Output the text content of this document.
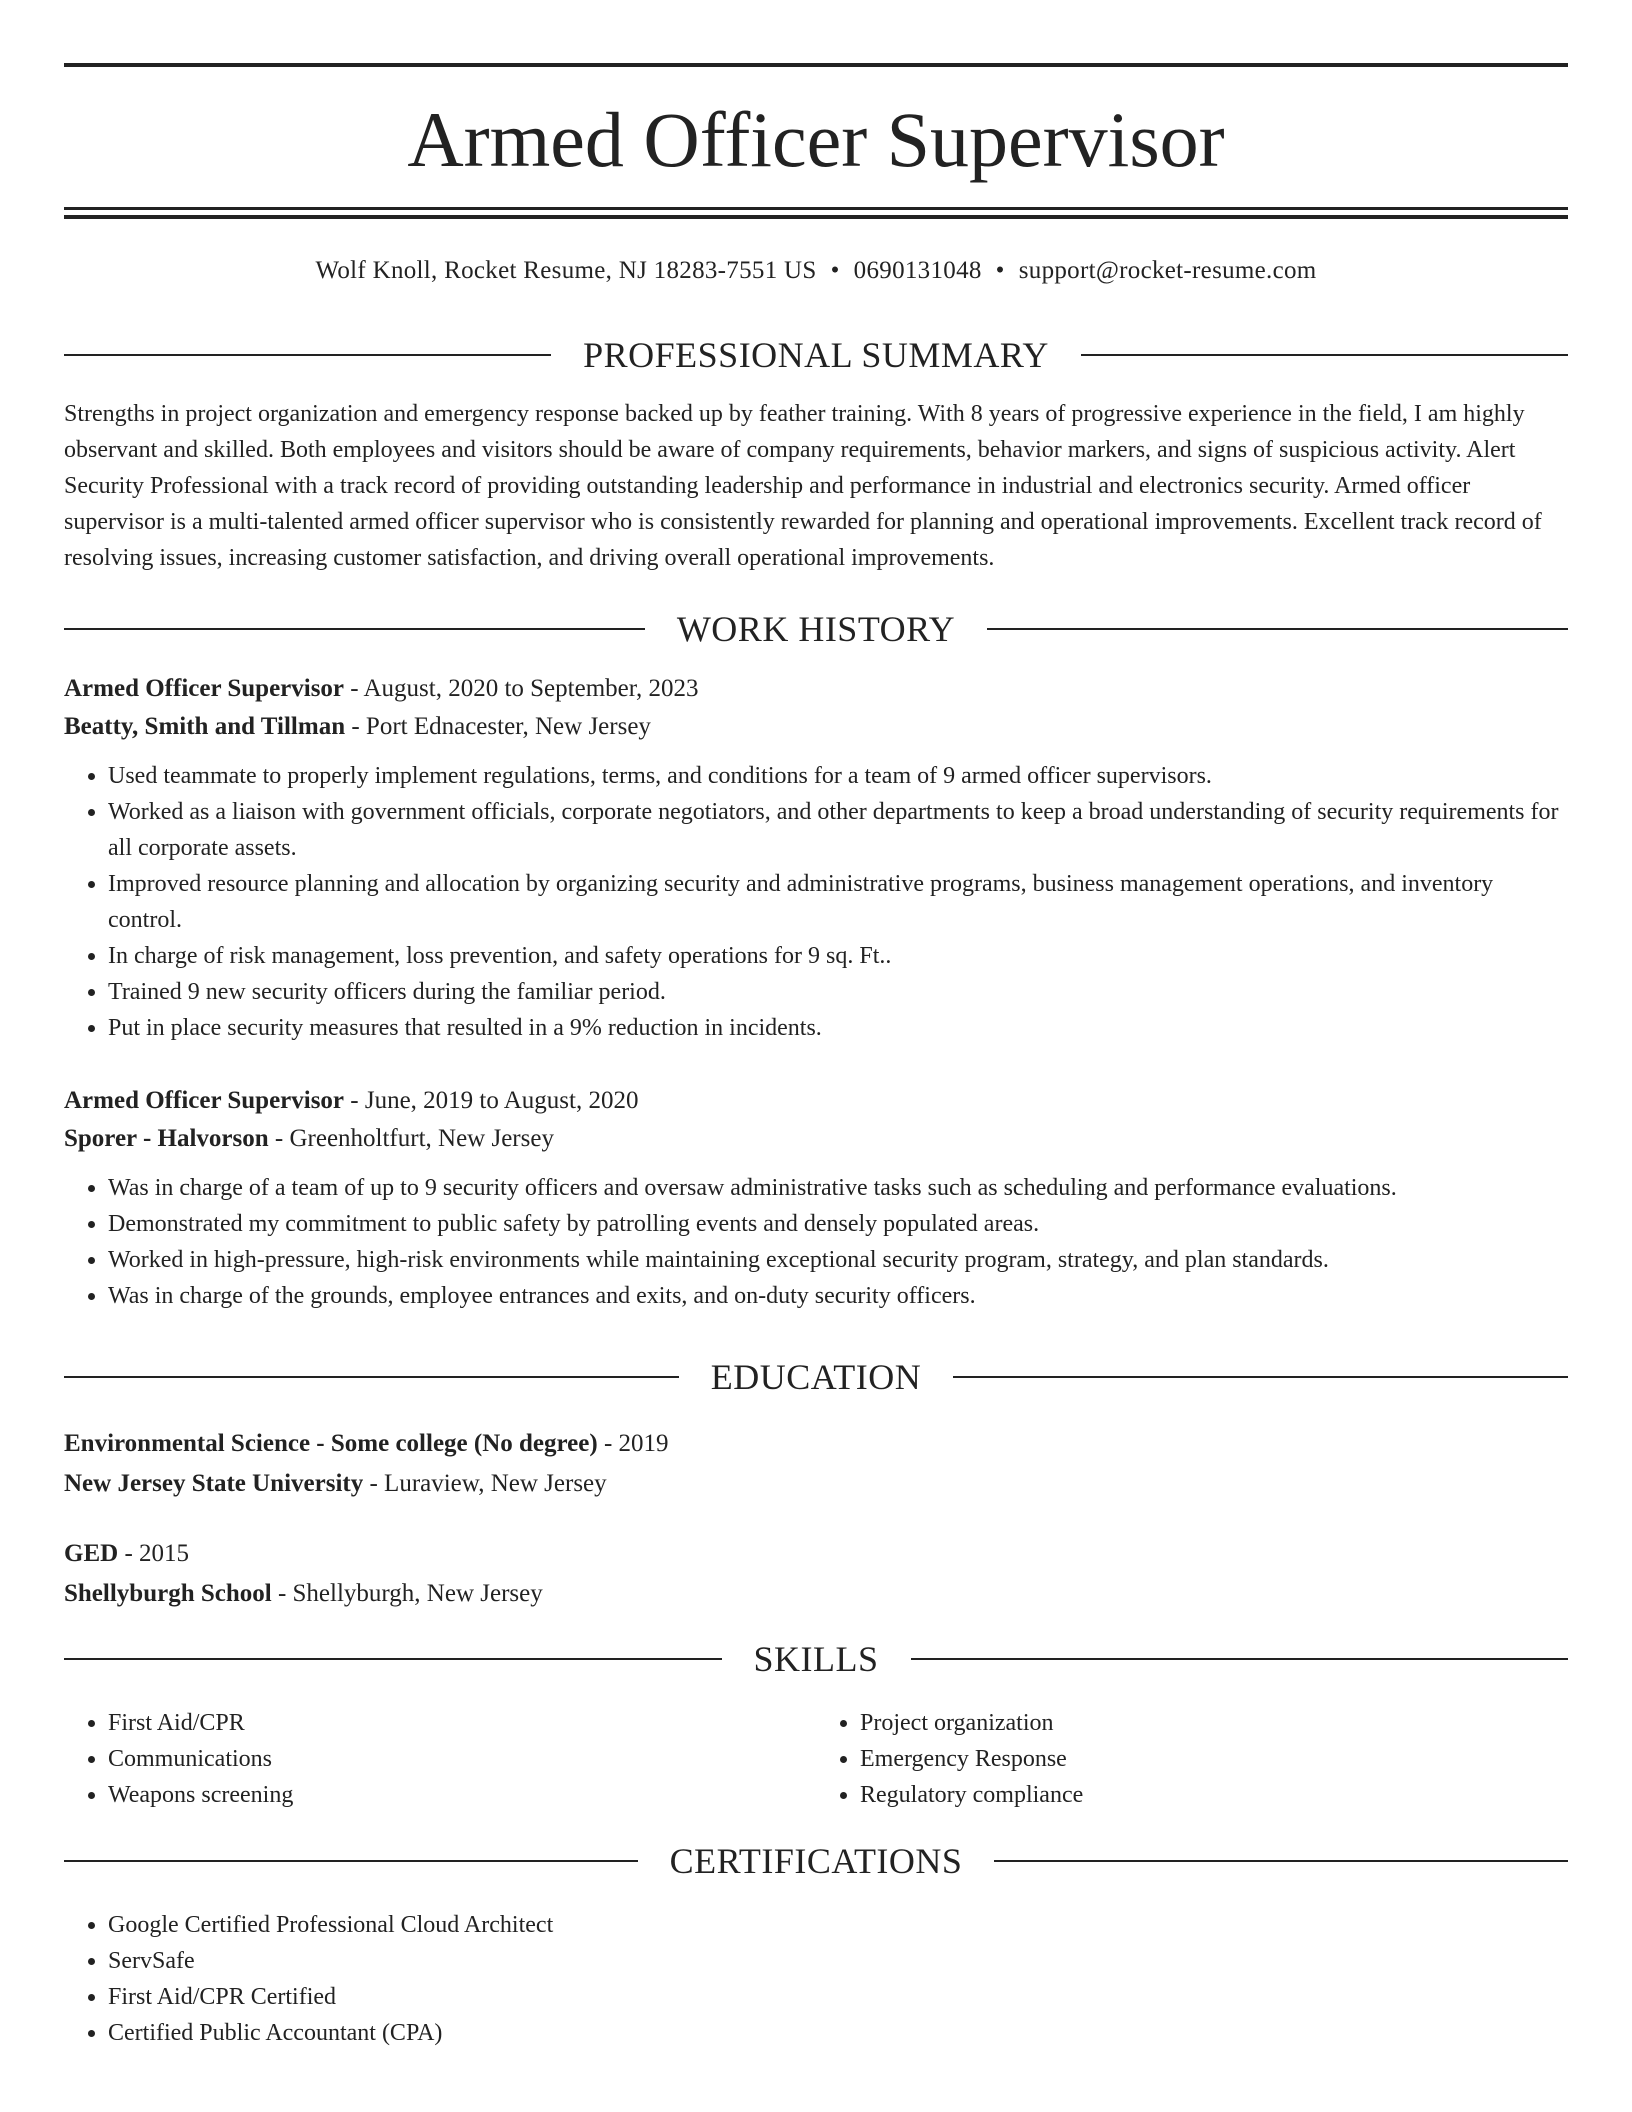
Armed Officer Supervisor
Wolf Knoll, Rocket Resume, NJ 18283-7551 US • 0690131048 • support@rocket-resume.com
PROFESSIONAL SUMMARY

Strengths in project organization and emergency response backed up by feather training. With 8 years of progressive experience in the field, I am highly observant and skilled. Both employees and visitors should be aware of company requirements, behavior markers, and signs of suspicious activity. Alert Security Professional with a track record of providing outstanding leadership and performance in industrial and electronics security. Armed officer supervisor is a multi-talented armed officer supervisor who is consistently rewarded for planning and operational improvements. Excellent track record of resolving issues, increasing customer satisfaction, and driving overall operational improvements.

WORK HISTORY
Armed Officer Supervisor - August, 2020 to September, 2023
Beatty, Smith and Tillman - Port Ednacester, New Jersey
• Used teammate to properly implement regulations, terms, and conditions for a team of 9 armed officer supervisors.
• Worked as a liaison with government officials, corporate negotiators, and other departments to keep a broad understanding of security requirements for all corporate assets.
• Improved resource planning and allocation by organizing security and administrative programs, business management operations, and inventory control.
• In charge of risk management, loss prevention, and safety operations for 9 sq. Ft..
• Trained 9 new security officers during the familiar period.
• Put in place security measures that resulted in a 9% reduction in incidents.
Armed Officer Supervisor - June, 2019 to August, 2020
Sporer - Halvorson - Greenholtfurt, New Jersey
• Was in charge of a team of up to 9 security officers and oversaw administrative tasks such as scheduling and performance evaluations.
• Demonstrated my commitment to public safety by patrolling events and densely populated areas.
• Worked in high-pressure, high-risk environments while maintaining exceptional security program, strategy, and plan standards.
• Was in charge of the grounds, employee entrances and exits, and on-duty security officers.
EDUCATION
Environmental Science - Some college (No degree) - 2019
New Jersey State University - Luraview, New Jersey
GED - 2015
Shellyburgh School - Shellyburgh, New Jersey
SKILLS
• First Aid/CPR
• Communications
• Weapons screening
• Project organization
• Emergency Response
• Regulatory compliance
CERTIFICATIONS
• Google Certified Professional Cloud Architect
• ServSafe
• First Aid/CPR Certified
• Certified Public Accountant (CPA)
